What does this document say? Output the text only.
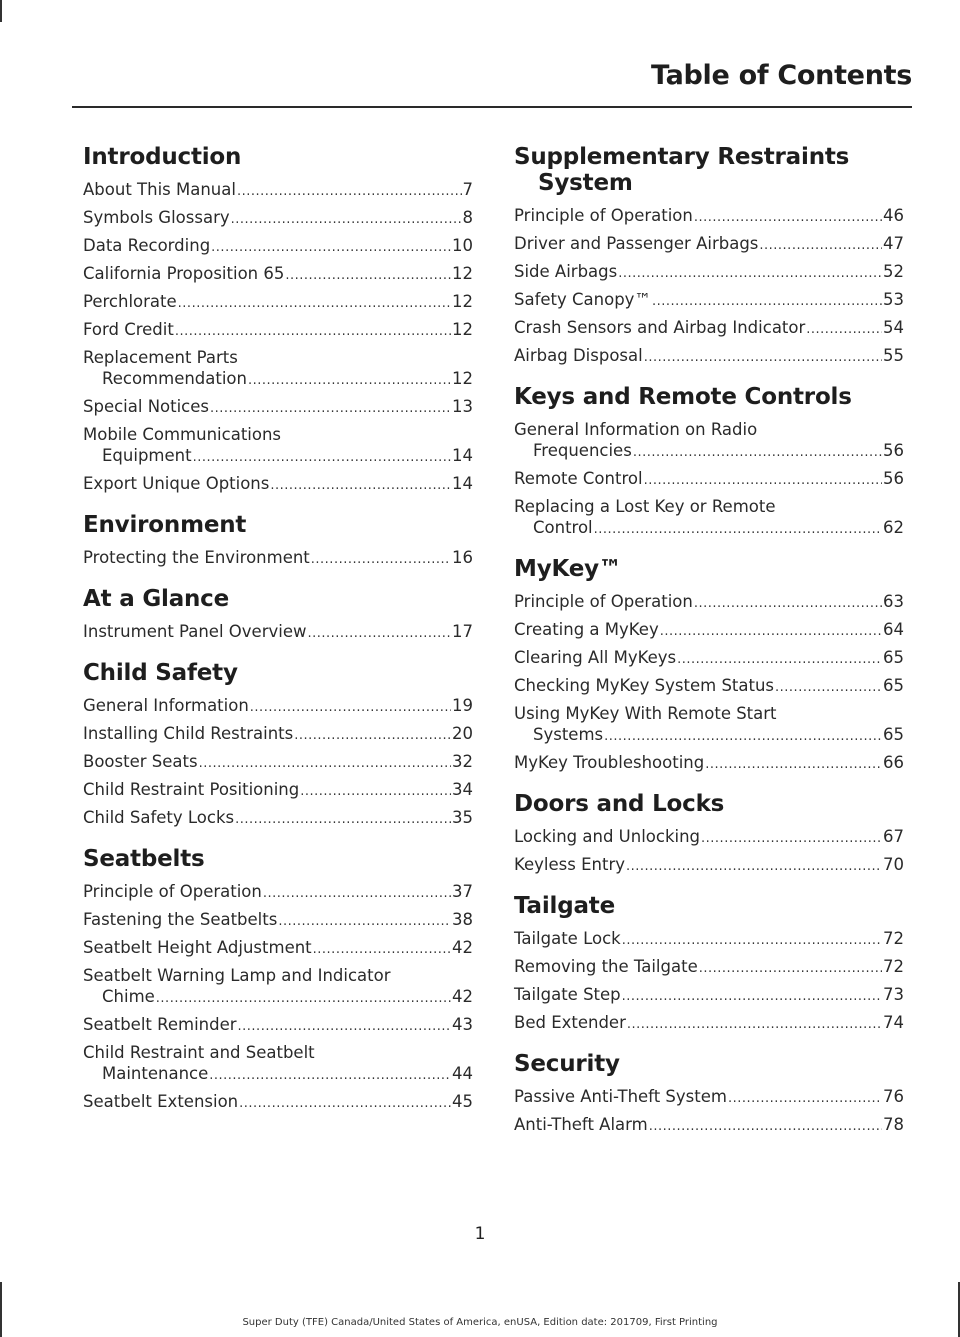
Table of Contents
Introduction
About This Manual .....	7
Symbols Glossary .....	8
Data Recording .....	10
California Proposition 65 .....	12
Perchlorate .....	12
Ford Credit .....	12
Replacement Parts
Recommendation .....	12
Special Notices .....	13
Mobile Communications
Equipment .....	14
Export Unique Options .....	14
Environment
Protecting the Environment .....	16
At a Glance
Instrument Panel Overview .....	17
Child Safety
General Information .....	19
Installing Child Restraints .....	20
Booster Seats .....	32
Child Restraint Positioning .....	34
Child Safety Locks .....	35
Seatbelts
Principle of Operation .....	37
Fastening the Seatbelts .....	38
Seatbelt Height Adjustment .....	42
Seatbelt Warning Lamp and Indicator
Chime .....	42
Seatbelt Reminder .....	43
Child Restraint and Seatbelt
Maintenance .....	44
Seatbelt Extension .....	45
Supplementary Restraints
System
Principle of Operation .....	46
Driver and Passenger Airbags .....	47
Side Airbags .....	52
Safety Canopy™ .....	53
Crash Sensors and Airbag Indicator .....	54
Airbag Disposal .....	55
Keys and Remote Controls
General Information on Radio
Frequencies .....	56
Remote Control .....	56
Replacing a Lost Key or Remote
Control .....	62
MyKey™
Principle of Operation .....	63
Creating a MyKey .....	64
Clearing All MyKeys .....	65
Checking MyKey System Status .....	65
Using MyKey With Remote Start
Systems .....	65
MyKey Troubleshooting .....	66
Doors and Locks
Locking and Unlocking .....	67
Keyless Entry .....	70
Tailgate
Tailgate Lock .....	72
Removing the Tailgate .....	72
Tailgate Step .....	73
Bed Extender .....	74
Security
Passive Anti-Theft System .....	76
Anti-Theft Alarm .....	78
1
Super Duty (TFE) Canada/United States of America, enUSA, Edition date: 201709, First Printing
